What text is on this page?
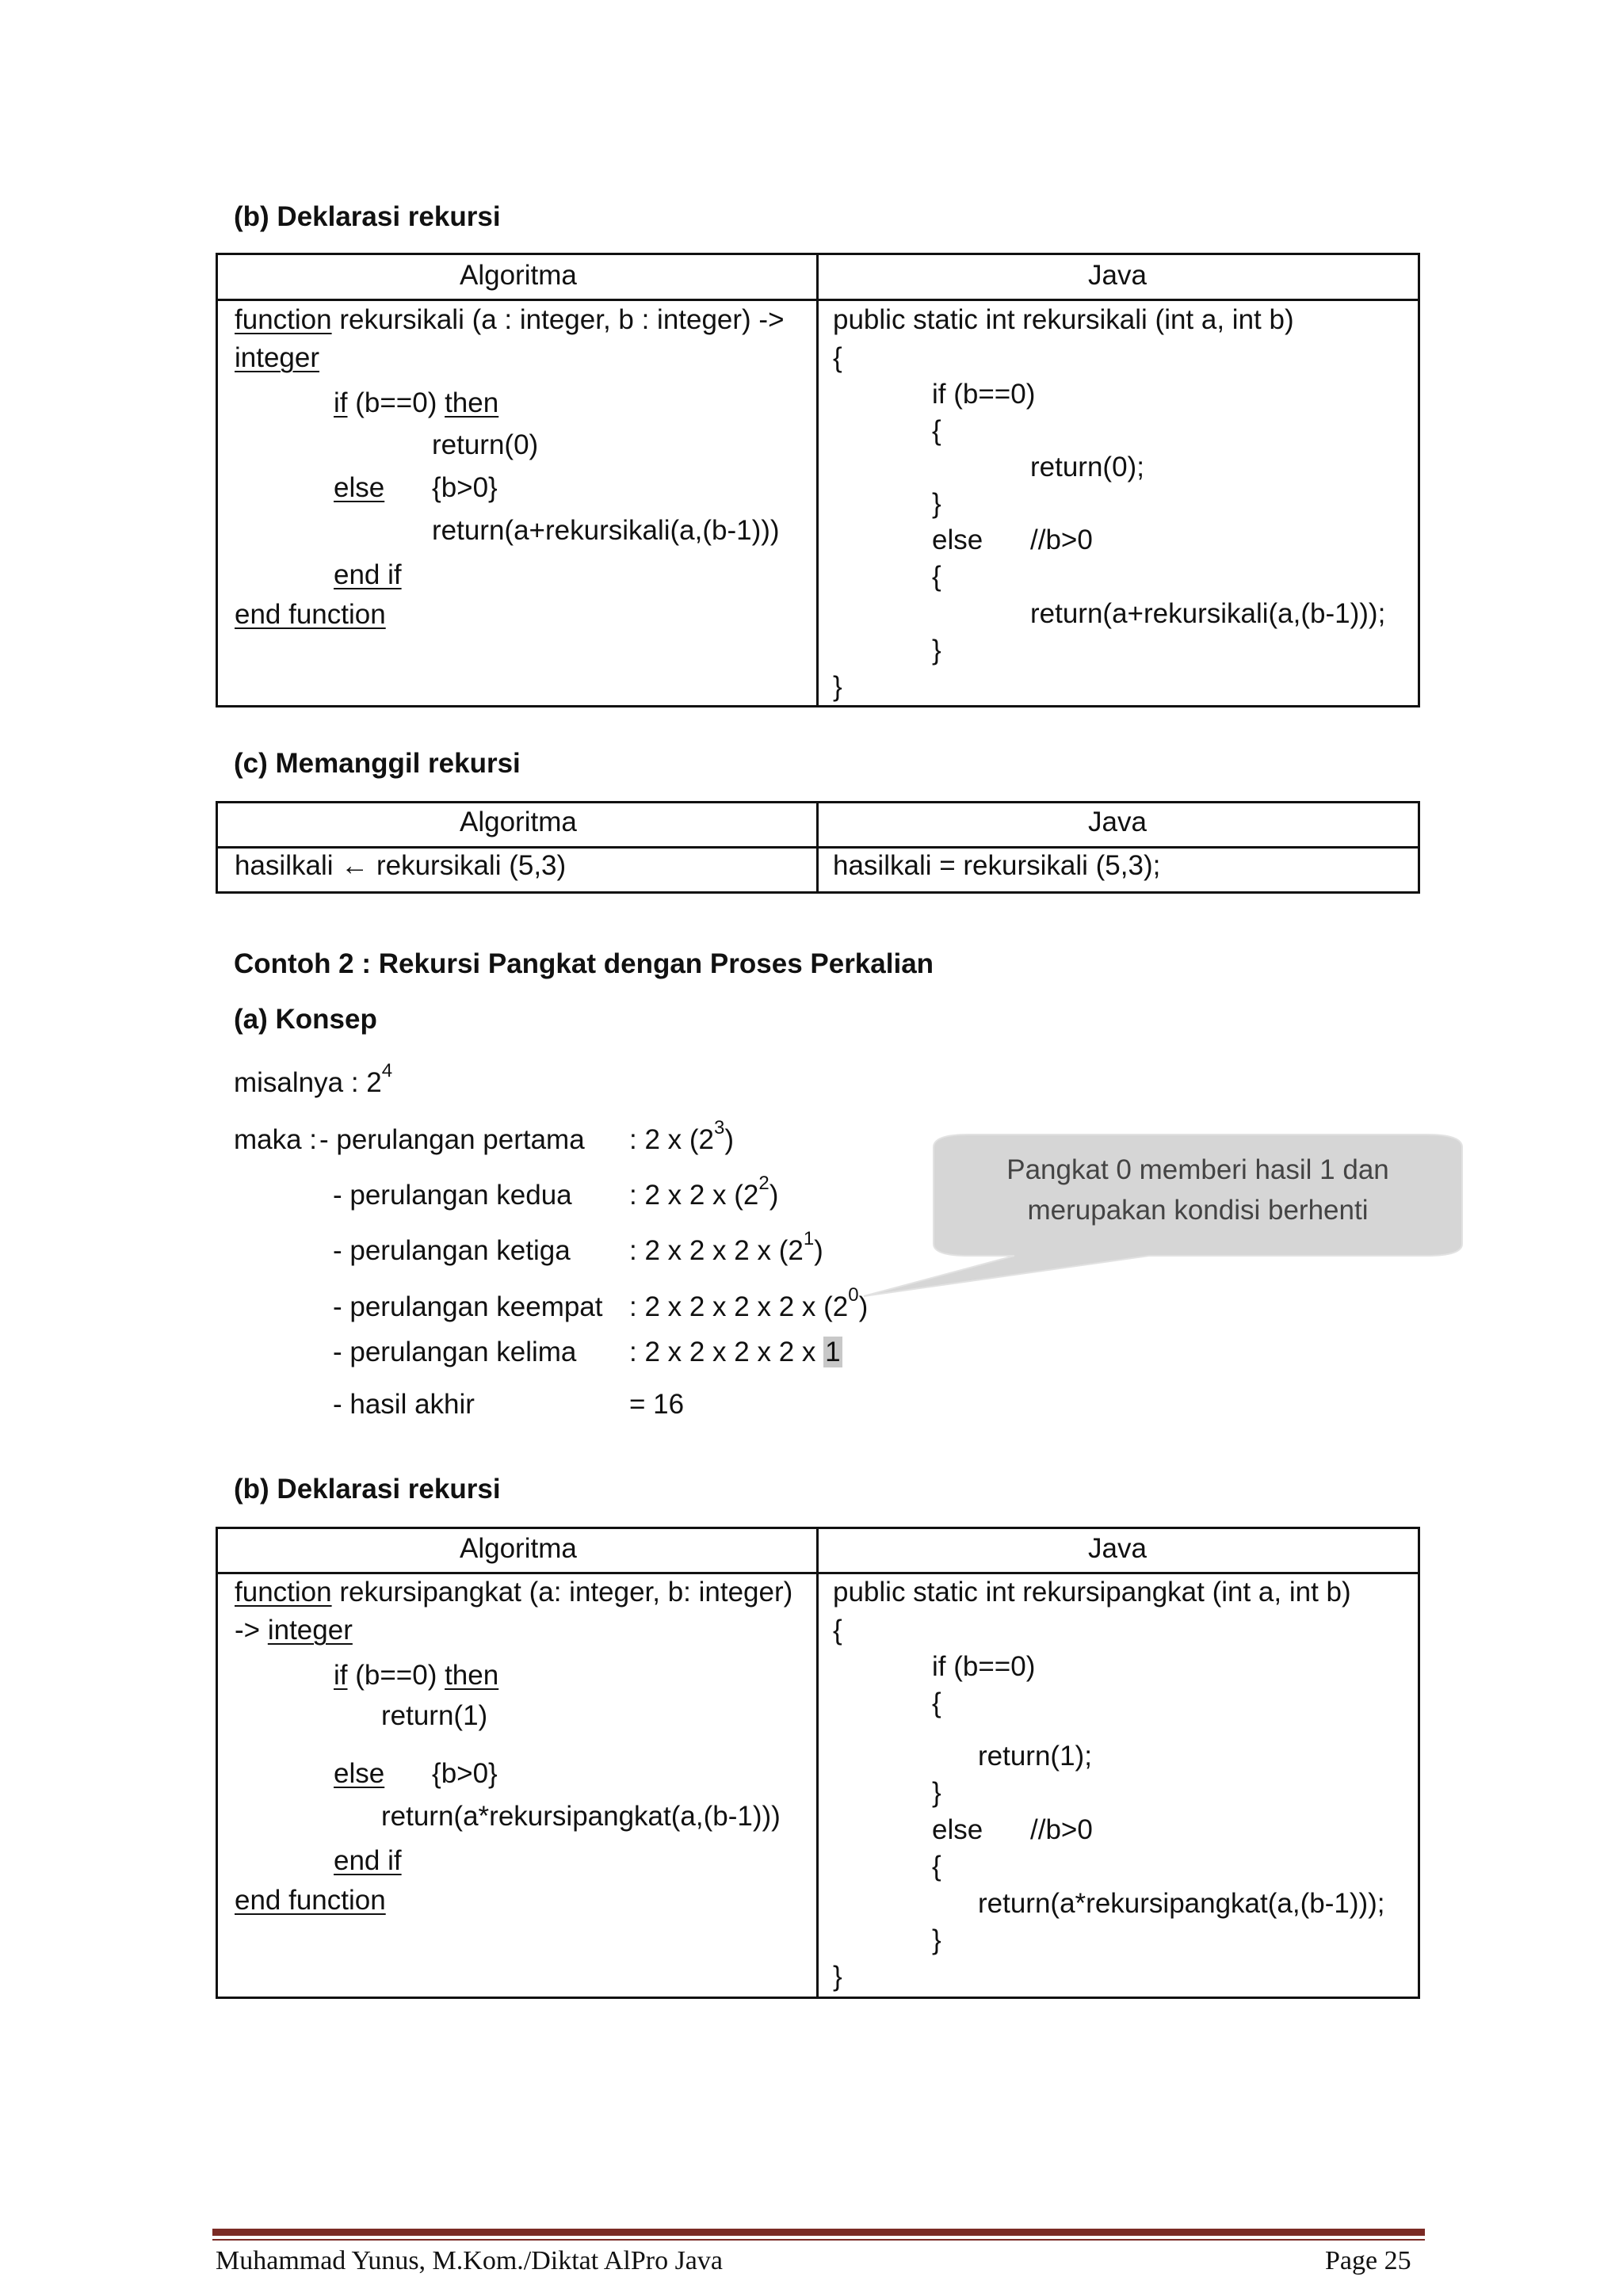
(b) Deklarasi rekursi
Algoritma	Java
function rekursikali (a : integer, b : integer) ->
integer
if (b==0) then
return(0)
else {b>0}
return(a+rekursikali(a,(b-1)))
end if
end function
public static int rekursikali (int a, int b)
{
if (b==0)
{
return(0);
}
else //b>0
{
return(a+rekursikali(a,(b-1)));
}
}
(c) Memanggil rekursi
Algoritma	Java
hasilkali ← rekursikali (5,3)	hasilkali = rekursikali (5,3);
Contoh 2 : Rekursi Pangkat dengan Proses Perkalian
(a) Konsep
misalnya : $2^4$
maka : - perulangan pertama : 2 x $(2^3)$
- perulangan kedua : 2 x 2 x $(2^2)$
- perulangan ketiga : 2 x 2 x 2 x $(2^1)$
- perulangan keempat : 2 x 2 x 2 x 2 x $(2^0)$
- perulangan kelima : 2 x 2 x 2 x 2 x 1
- hasil akhir	= 16
Pangkat 0 memberi hasil 1 dan
merupakan kondisi berhenti
(b) Deklarasi rekursi
Algoritma	Java
function rekursipangkat (a: integer, b: integer)
-> integer
if (b==0) then
return(1)
else {b>0}
return(a*rekursipangkat(a,(b-1)))
end if
end function
public static int rekursipangkat (int a, int b)
{
if (b==0)
{
return(1);
}
else //b>0
{
return(a*rekursipangkat(a,(b-1)));
}
}
Muhammad Yunus, M.Kom./Diktat AlPro Java	Page 25
